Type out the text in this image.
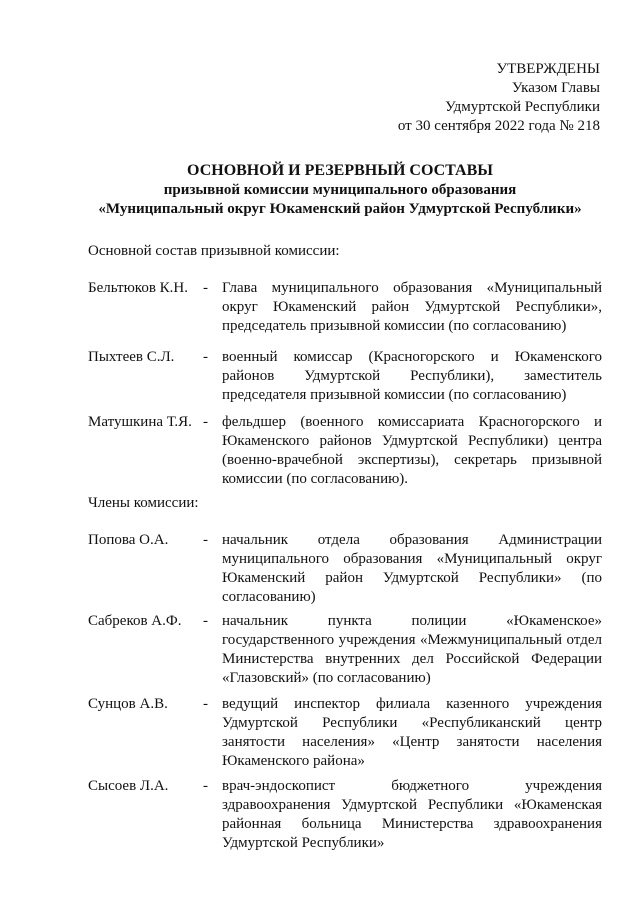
УТВЕРЖДЕНЫ
Указом Главы
Удмуртской Республики
от 30 сентября 2022 года № 218
ОСНОВНОЙ И РЕЗЕРВНЫЙ СОСТАВЫ
призывной комиссии муниципального образования
«Муниципальный округ Юкаменский район Удмуртской Республики»
Основной состав призывной комиссии:
Бельтюков К.Н.	- Глава муниципального образования «Муниципальный округ Юкаменский район Удмуртской Республики», председатель призывной комиссии (по согласованию)
Пыхтеев С.Л.	- военный комиссар (Красногорского и Юкаменского районов Удмуртской Республики), заместитель председателя призывной комиссии (по согласованию)
Матушкина Т.Я. - фельдшер (военного комиссариата Красногорского и Юкаменского районов Удмуртской Республики) центра (военно-врачебной экспертизы), секретарь призывной комиссии (по согласованию).
Члены комиссии:
Попова О.А.	- начальник отдела образования Администрации муниципального образования «Муниципальный округ Юкаменский район Удмуртской Республики» (по согласованию)
Сабреков А.Ф.	- начальник пункта полиции «Юкаменское» государственного учреждения «Межмуниципальный отдел Министерства внутренних дел Российской Федерации «Глазовский» (по согласованию)
Сунцов А.В.	- ведущий инспектор филиала казенного учреждения Удмуртской Республики «Республиканский центр занятости населения» «Центр занятости населения Юкаменского района»
Сысоев Л.А.	- врач-эндоскопист бюджетного учреждения здравоохранения Удмуртской Республики «Юкаменская районная больница Министерства здравоохранения Удмуртской Республики»
